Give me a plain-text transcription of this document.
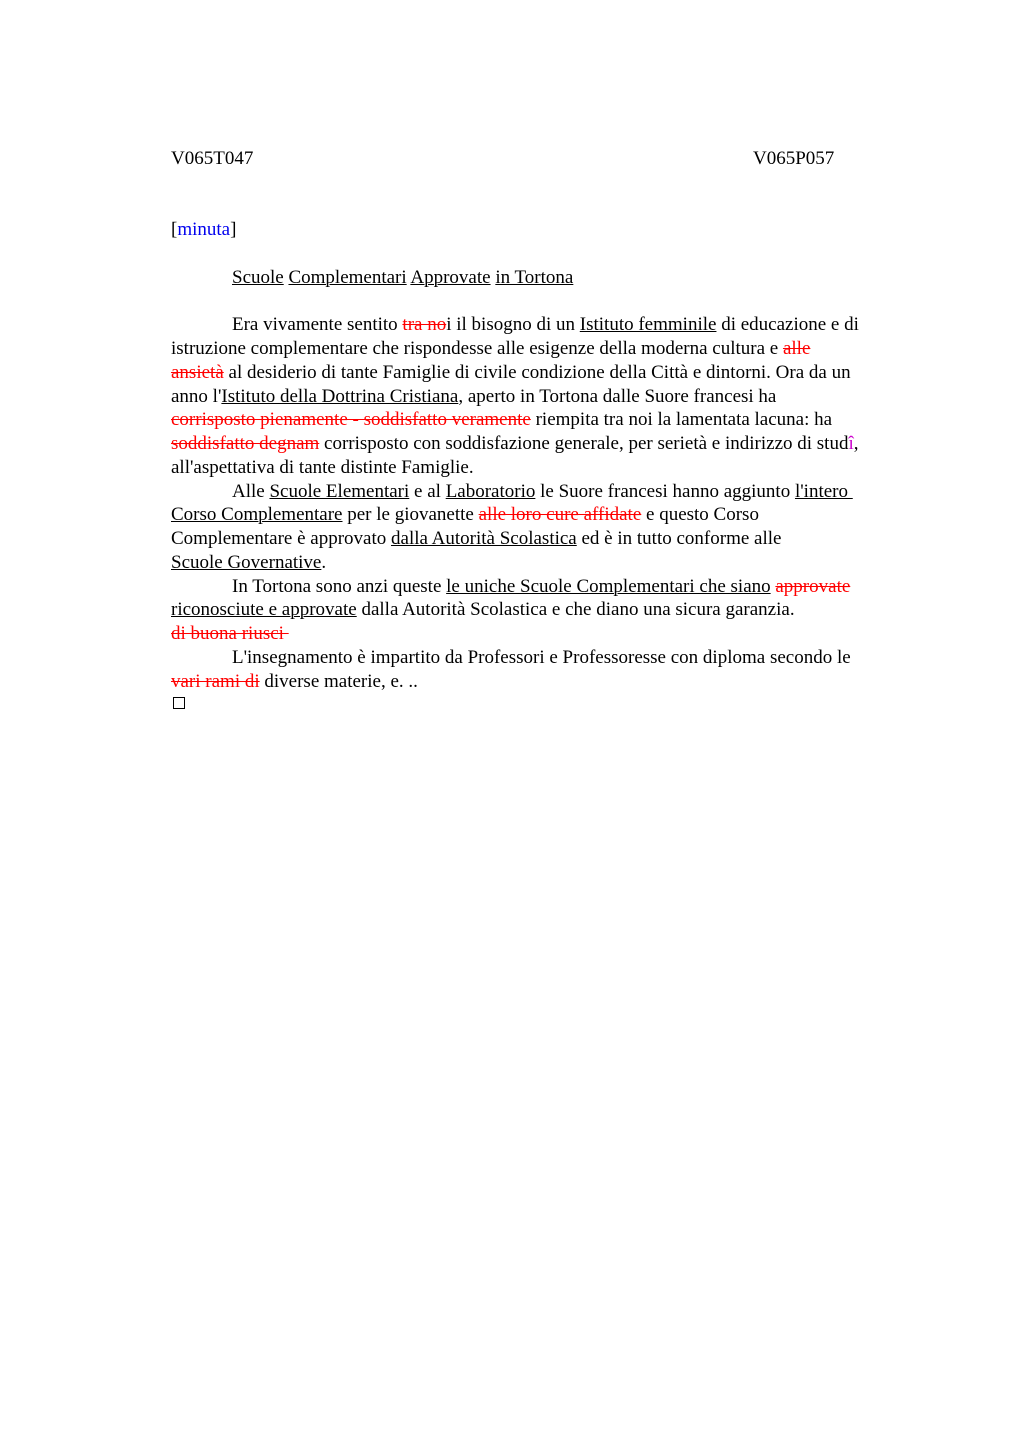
V065T047	V065P057
[minuta]
Scuole Complementari Approvate in Tortona
Era vivamente sentito tra noi il bisogno di un Istituto femminile di educazione e di
istruzione complementare che rispondesse alle esigenze della moderna cultura e alle
ansietà al desiderio di tante Famiglie di civile condizione della Città e dintorni. Ora da un
anno l'Istituto della Dottrina Cristiana, aperto in Tortona dalle Suore francesi ha
corrisposto pienamente - soddisfatto veramente riempita tra noi la lamentata lacuna: ha
soddisfatto degnam corrisposto con soddisfazione generale, per serietà e indirizzo di studî,
all'aspettativa di tante distinte Famiglie.
Alle Scuole Elementari e al Laboratorio le Suore francesi hanno aggiunto l'intero
Corso Complementare per le giovanette alle loro cure affidate e questo Corso
Complementare è approvato dalla Autorità Scolastica ed è in tutto conforme alle
Scuole Governative.
In Tortona sono anzi queste le uniche Scuole Complementari che siano approvate
riconosciute e approvate dalla Autorità Scolastica e che diano una sicura garanzia.
di buona riusci
L'insegnamento è impartito da Professori e Professoresse con diploma secondo le
vari rami di diverse materie, e. ..
